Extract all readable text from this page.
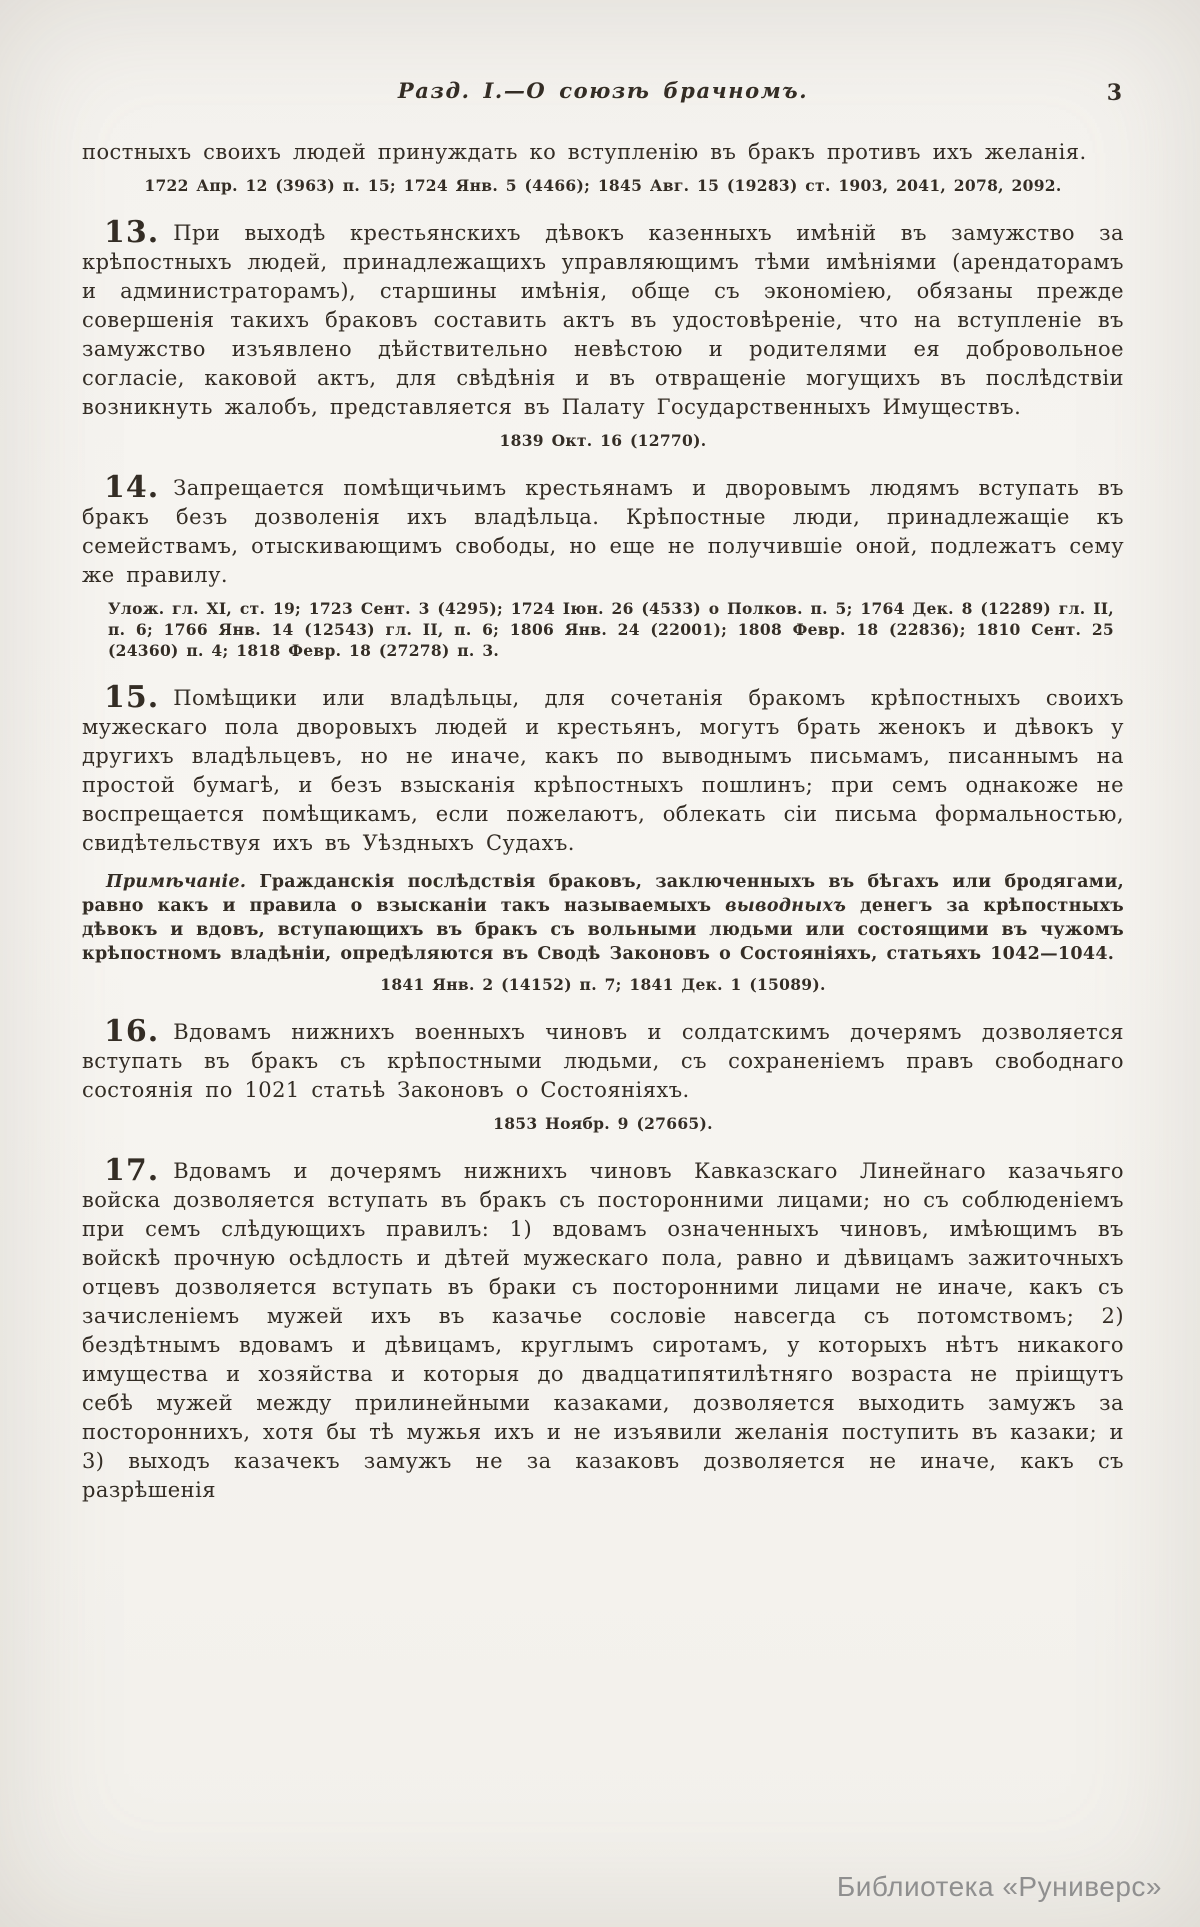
Разд. I.—О союзѣ брачномъ.	3

постныхъ своихъ людей принуждать ко вступленію въ бракъ противъ ихъ желанія.

1722 Апр. 12 (3963) п. 15; 1724 Янв. 5 (4466); 1845 Авг. 15 (19283) ст. 1903, 2041, 2078, 2092.

13. При выходѣ крестьянскихъ дѣвокъ казенныхъ имѣній въ замужство за крѣпостныхъ людей, принадлежащихъ управляющимъ тѣми имѣніями (арендаторамъ и администраторамъ), старшины имѣнія, обще съ экономіею, обязаны прежде совершенія такихъ браковъ составить актъ въ удостовѣреніе, что на вступленіе въ замужство изъявлено дѣйствительно невѣстою и родителями ея добровольное согласіе, каковой актъ, для свѣдѣнія и въ отвращеніе могущихъ въ послѣдствіи возникнуть жалобъ, представляется въ Палату Государственныхъ Имуществъ.

1839 Окт. 16 (12770).

14. Запрещается помѣщичьимъ крестьянамъ и дворовымъ людямъ вступать въ бракъ безъ дозволенія ихъ владѣльца. Крѣпостные люди, принадлежащіе къ семействамъ, отыскивающимъ свободы, но еще не получившіе оной, подлежатъ сему же правилу.

Улож. гл. XI, ст. 19; 1723 Сент. 3 (4295); 1724 Іюн. 26 (4533) о Полков. п. 5; 1764 Дек. 8 (12289) гл. II, п. 6; 1766 Янв. 14 (12543) гл. II, п. 6; 1806 Янв. 24 (22001); 1808 Февр. 18 (22836); 1810 Сент. 25 (24360) п. 4; 1818 Февр. 18 (27278) п. 3.

15. Помѣщики или владѣльцы, для сочетанія бракомъ крѣпостныхъ своихъ мужескаго пола дворовыхъ людей и крестьянъ, могутъ брать женокъ и дѣвокъ у другихъ владѣльцевъ, но не иначе, какъ по выводнымъ письмамъ, писаннымъ на простой бумагѣ, и безъ взысканія крѣпостныхъ пошлинъ; при семъ однакоже не воспрещается помѣщикамъ, если пожелаютъ, облекать сіи письма формальностью, свидѣтельствуя ихъ въ Уѣздныхъ Судахъ.

Примѣчаніе. Гражданскія послѣдствія браковъ, заключенныхъ въ бѣгахъ или бродягами, равно какъ и правила о взысканіи такъ называемыхъ выводныхъ денегъ за крѣпостныхъ дѣвокъ и вдовъ, вступающихъ въ бракъ съ вольными людьми или состоящими въ чужомъ крѣпостномъ владѣніи, опредѣляются въ Сводѣ Законовъ о Состояніяхъ, статьяхъ 1042—1044.

1841 Янв. 2 (14152) п. 7; 1841 Дек. 1 (15089).

16. Вдовамъ нижнихъ военныхъ чиновъ и солдатскимъ дочерямъ дозволяется вступать въ бракъ съ крѣпостными людьми, съ сохраненіемъ правъ свободнаго состоянія по 1021 статьѣ Законовъ о Состояніяхъ.

1853 Ноябр. 9 (27665).

17. Вдовамъ и дочерямъ нижнихъ чиновъ Кавказскаго Линейнаго казачьяго войска дозволяется вступать въ бракъ съ посторонними лицами; но съ соблюденіемъ при семъ слѣдующихъ правилъ: 1) вдовамъ означенныхъ чиновъ, имѣющимъ въ войскѣ прочную осѣдлость и дѣтей мужескаго пола, равно и дѣвицамъ зажиточныхъ отцевъ дозволяется вступать въ браки съ посторонними лицами не иначе, какъ съ зачисленіемъ мужей ихъ въ казачье сословіе навсегда съ потомствомъ; 2) бездѣтнымъ вдовамъ и дѣвицамъ, круглымъ сиротамъ, у которыхъ нѣтъ никакого имущества и хозяйства и которыя до двадцатипятилѣтняго возраста не пріищутъ себѣ мужей между прилинейными казаками, дозволяется выходить замужъ за постороннихъ, хотя бы тѣ мужья ихъ и не изъявили желанія поступить въ казаки; и 3) выходъ казачекъ замужъ не за казаковъ дозволяется не иначе, какъ съ разрѣшенія

Библиотека «Руниверс»
